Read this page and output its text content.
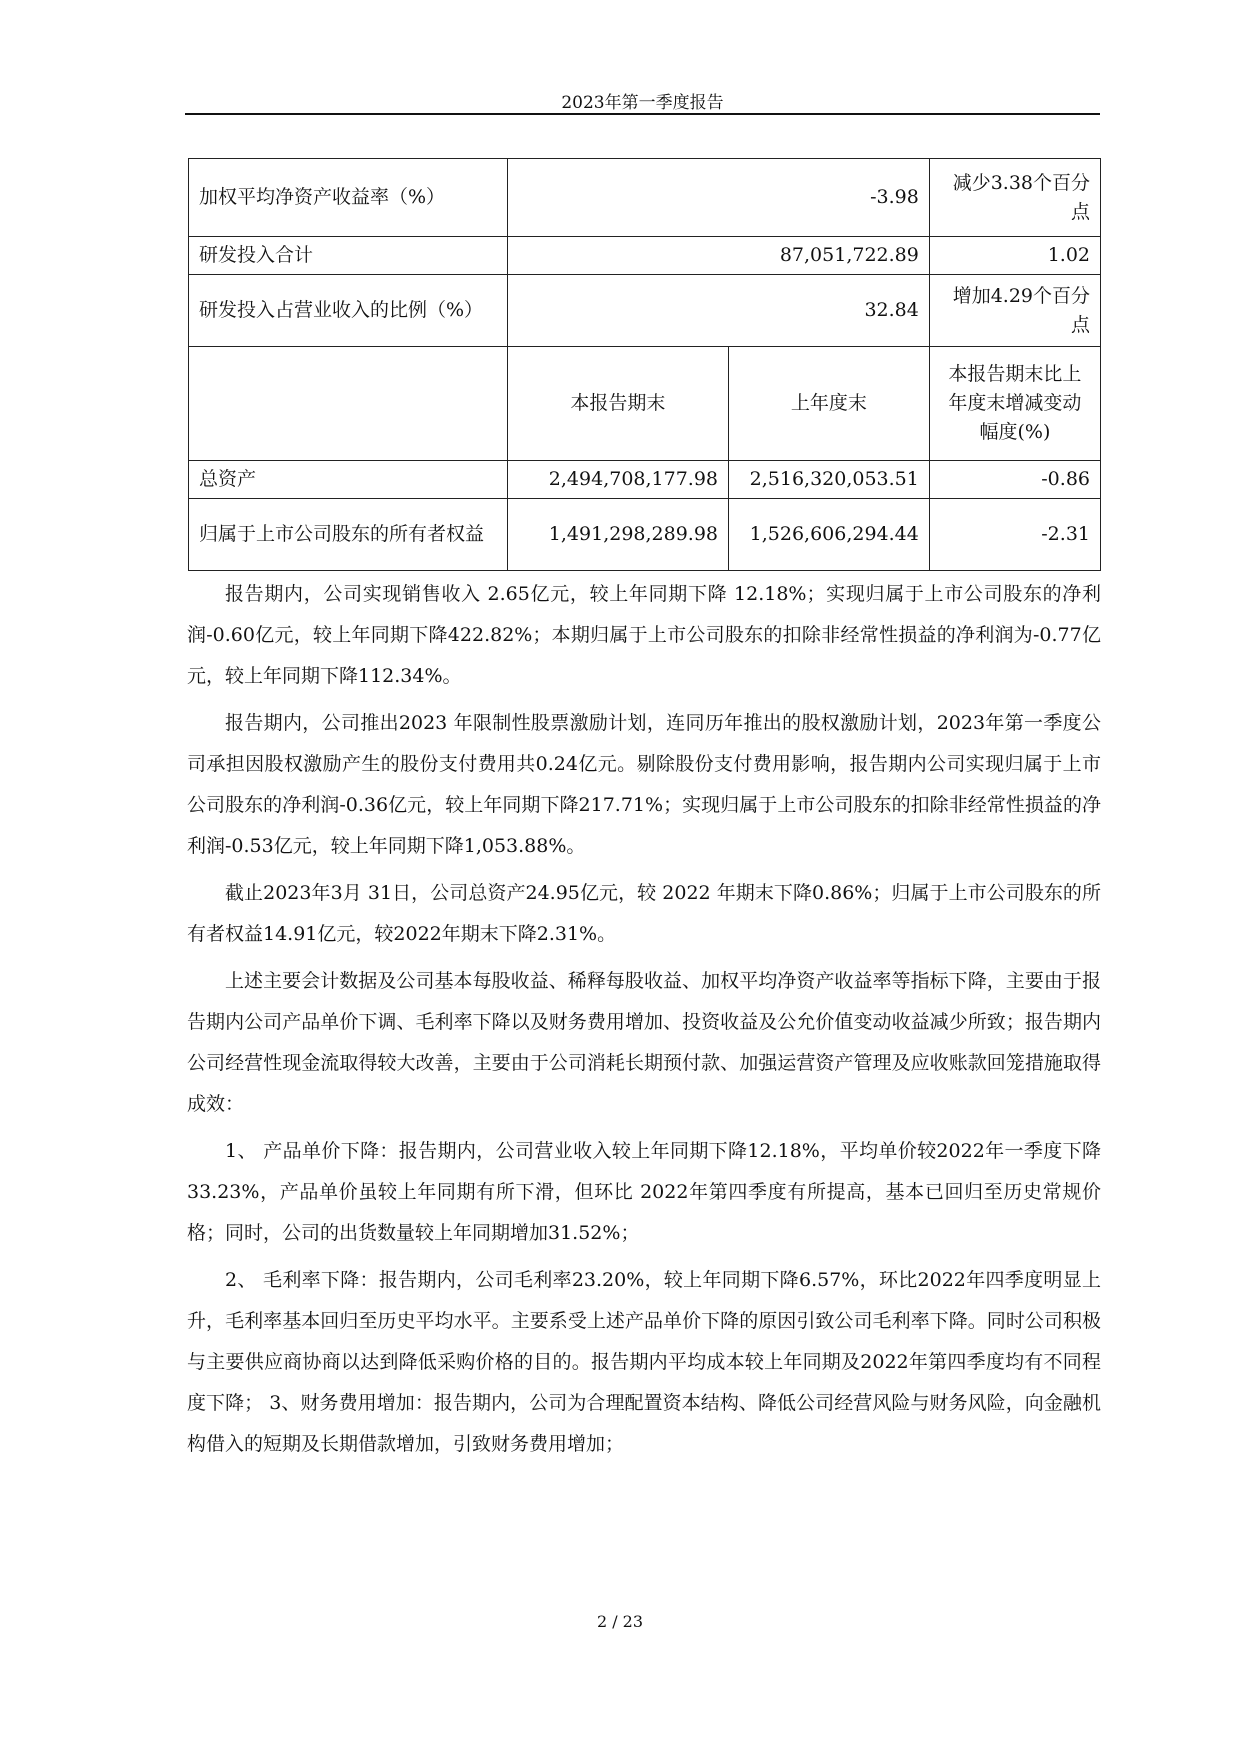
2023年第一季度报告
加权平均净资产收益率（%）	-3.98		减少3.38个百分点
研发投入合计	87,051,722.89		1.02
研发投入占营业收入的比例（%）	32.84		增加4.29个百分点
	本报告期末	上年度末	本报告期末比上年度末增减变动幅度(%)
总资产	2,494,708,177.98	2,516,320,053.51	-0.86
归属于上市公司股东的所有者权益	1,491,298,289.98	1,526,606,294.44	-2.31

报告期内，公司实现销售收入 2.65亿元，较上年同期下降 12.18%；实现归属于上市公司股东的净利润-0.60亿元，较上年同期下降422.82%；本期归属于上市公司股东的扣除非经常性损益的净利润为-0.77亿元，较上年同期下降112.34%。

报告期内，公司推出2023 年限制性股票激励计划，连同历年推出的股权激励计划，2023年第一季度公司承担因股权激励产生的股份支付费用共0.24亿元。剔除股份支付费用影响，报告期内公司实现归属于上市公司股东的净利润-0.36亿元，较上年同期下降217.71%；实现归属于上市公司股东的扣除非经常性损益的净利润-0.53亿元，较上年同期下降1,053.88%。

截止2023年3月 31日，公司总资产24.95亿元，较 2022 年期末下降0.86%；归属于上市公司股东的所有者权益14.91亿元，较2022年期末下降2.31%。

上述主要会计数据及公司基本每股收益、稀释每股收益、加权平均净资产收益率等指标下降，主要由于报告期内公司产品单价下调、毛利率下降以及财务费用增加、投资收益及公允价值变动收益减少所致；报告期内公司经营性现金流取得较大改善，主要由于公司消耗长期预付款、加强运营资产管理及应收账款回笼措施取得成效：

1、 产品单价下降：报告期内，公司营业收入较上年同期下降12.18%，平均单价较2022年一季度下降 33.23%，产品单价虽较上年同期有所下滑，但环比 2022年第四季度有所提高，基本已回归至历史常规价格；同时，公司的出货数量较上年同期增加31.52%；

2、 毛利率下降：报告期内，公司毛利率23.20%，较上年同期下降6.57%，环比2022年四季度明显上升，毛利率基本回归至历史平均水平。主要系受上述产品单价下降的原因引致公司毛利率下降。同时公司积极与主要供应商协商以达到降低采购价格的目的。报告期内平均成本较上年同期及2022年第四季度均有不同程度下降； 3、财务费用增加：报告期内，公司为合理配置资本结构、降低公司经营风险与财务风险，向金融机构借入的短期及长期借款增加，引致财务费用增加；

2 / 23
